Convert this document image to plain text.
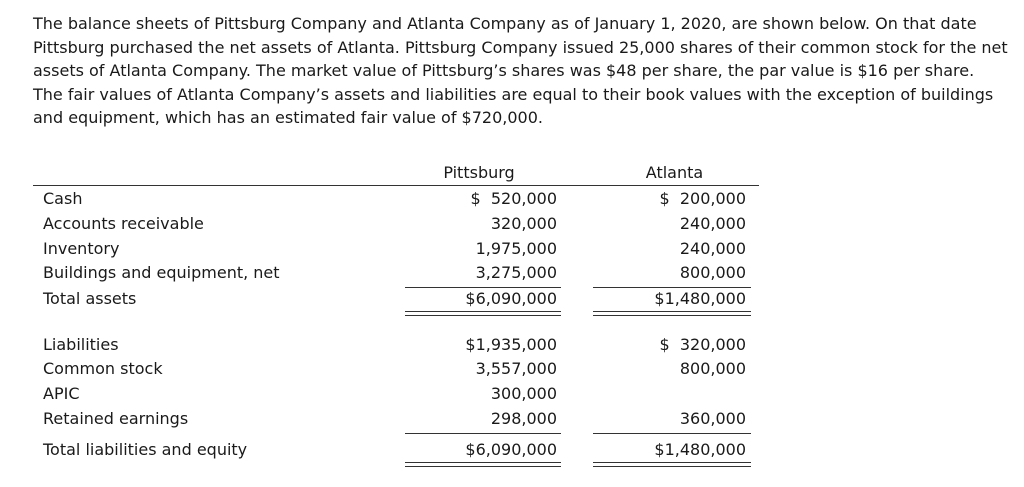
The balance sheets of Pittsburg Company and Atlanta Company as of January 1, 2020, are shown below. On that date Pittsburg purchased the net assets of Atlanta. Pittsburg Company issued 25,000 shares of their common stock for the net assets of Atlanta Company. The market value of Pittsburg’s shares was $48 per share, the par value is $16 per share. The fair values of Atlanta Company’s assets and liabilities are equal to their book values with the exception of buildings and equipment, which has an estimated fair value of $720,000.

Pittsburg	Atlanta
Cash
Accounts receivable
Inventory
Buildings and equipment, net
Total assets
$  520,000
320,000
1,975,000
3,275,000
$6,090,000
$  200,000
240,000
240,000
800,000
$1,480,000
Liabilities
Common stock
APIC
Retained earnings
Total liabilities and equity
$1,935,000
3,557,000
300,000
298,000
$6,090,000
$  320,000
800,000
360,000
$1,480,000
